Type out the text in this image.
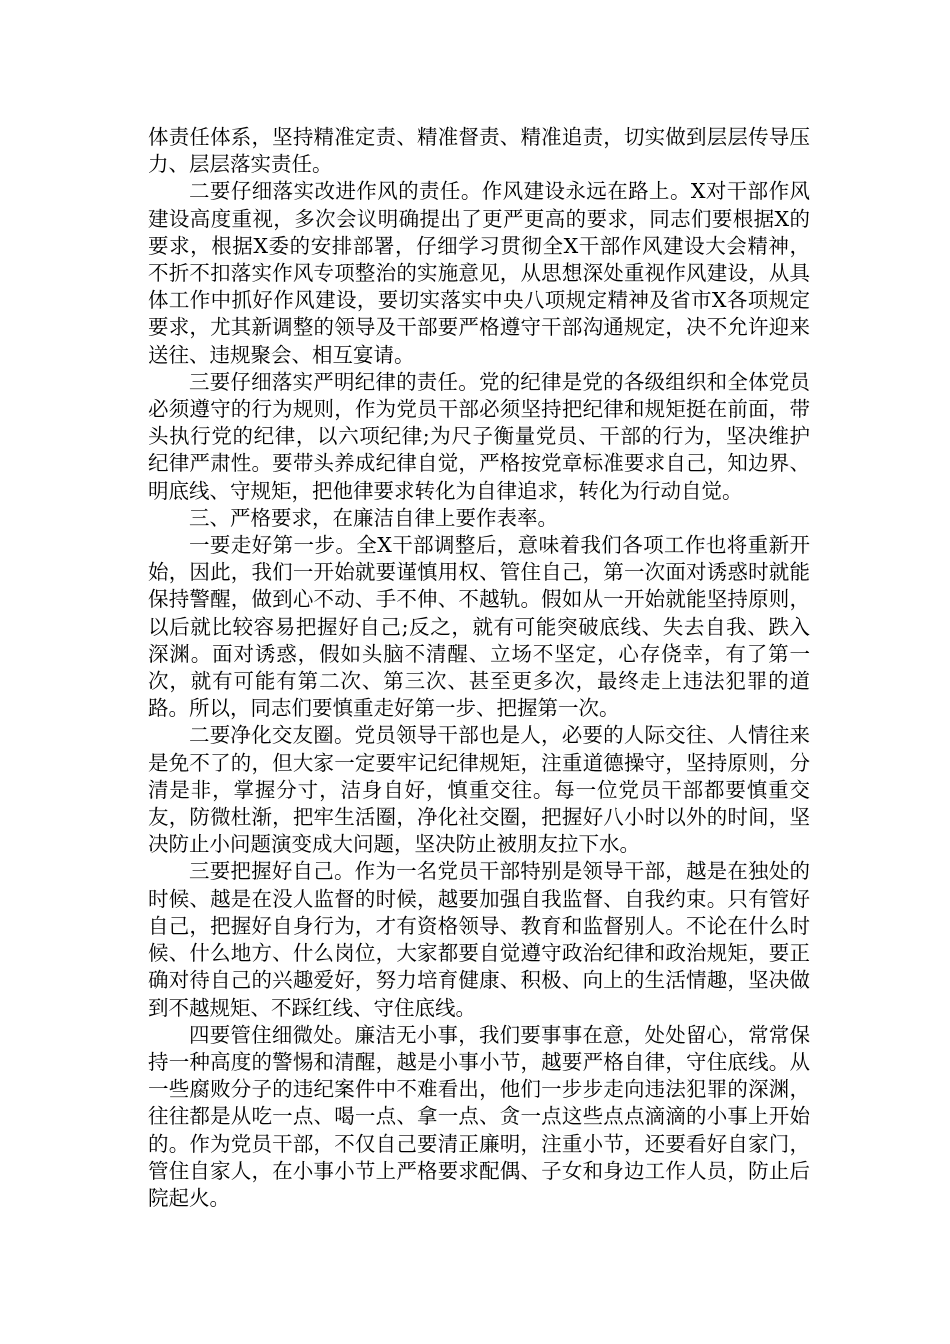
体责任体系，坚持精准定责、精准督责、精准追责，切实做到层层传导压力、层层落实责任。

二要仔细落实改进作风的责任。作风建设永远在路上。X对干部作风建设高度重视，多次会议明确提出了更严更高的要求，同志们要根据X的要求，根据X委的安排部署，仔细学习贯彻全X干部作风建设大会精神，不折不扣落实作风专项整治的实施意见，从思想深处重视作风建设，从具体工作中抓好作风建设，要切实落实中央八项规定精神及省市X各项规定要求，尤其新调整的领导及干部要严格遵守干部沟通规定，决不允许迎来送往、违规聚会、相互宴请。

三要仔细落实严明纪律的责任。党的纪律是党的各级组织和全体党员必须遵守的行为规则，作为党员干部必须坚持把纪律和规矩挺在前面，带头执行党的纪律，以六项纪律;为尺子衡量党员、干部的行为，坚决维护纪律严肃性。要带头养成纪律自觉，严格按党章标准要求自己，知边界、明底线、守规矩，把他律要求转化为自律追求，转化为行动自觉。

三、严格要求，在廉洁自律上要作表率。

一要走好第一步。全X干部调整后，意味着我们各项工作也将重新开始，因此，我们一开始就要谨慎用权、管住自己，第一次面对诱惑时就能保持警醒，做到心不动、手不伸、不越轨。假如从一开始就能坚持原则，以后就比较容易把握好自己;反之，就有可能突破底线、失去自我、跌入深渊。面对诱惑，假如头脑不清醒、立场不坚定，心存侥幸，有了第一次，就有可能有第二次、第三次、甚至更多次，最终走上违法犯罪的道路。所以，同志们要慎重走好第一步、把握第一次。

二要净化交友圈。党员领导干部也是人，必要的人际交往、人情往来是免不了的，但大家一定要牢记纪律规矩，注重道德操守，坚持原则，分清是非，掌握分寸，洁身自好，慎重交往。每一位党员干部都要慎重交友，防微杜渐，把牢生活圈，净化社交圈，把握好八小时以外的时间，坚决防止小问题演变成大问题，坚决防止被朋友拉下水。

三要把握好自己。作为一名党员干部特别是领导干部，越是在独处的时候、越是在没人监督的时候，越要加强自我监督、自我约束。只有管好自己，把握好自身行为，才有资格领导、教育和监督别人。不论在什么时候、什么地方、什么岗位，大家都要自觉遵守政治纪律和政治规矩，要正确对待自己的兴趣爱好，努力培育健康、积极、向上的生活情趣，坚决做到不越规矩、不踩红线、守住底线。

四要管住细微处。廉洁无小事，我们要事事在意，处处留心，常常保持一种高度的警惕和清醒，越是小事小节，越要严格自律，守住底线。从一些腐败分子的违纪案件中不难看出，他们一步步走向违法犯罪的深渊，往往都是从吃一点、喝一点、拿一点、贪一点这些点点滴滴的小事上开始的。作为党员干部，不仅自己要清正廉明，注重小节，还要看好自家门，管住自家人，在小事小节上严格要求配偶、子女和身边工作人员，防止后院起火。
